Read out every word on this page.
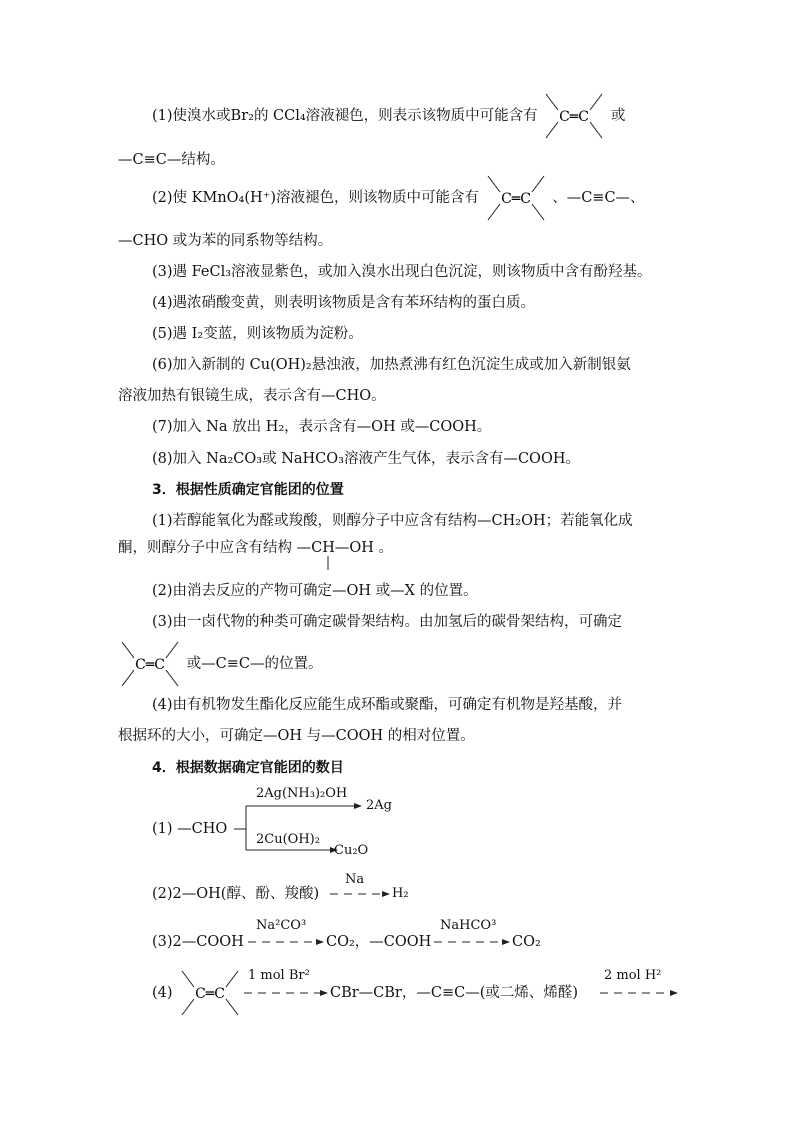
(1)使溴水或Br₂的 CCl₄溶液褪色，则表示该物质中可能含有 C═C 或
—C≡C—结构。
(2)使 KMnO₄(H⁺)溶液褪色，则该物质中可能含有 C═C 、—C≡C—、
—CHO 或为苯的同系物等结构。
(3)遇 FeCl₃溶液显紫色，或加入溴水出现白色沉淀，则该物质中含有酚羟基。
(4)遇浓硝酸变黄，则表明该物质是含有苯环结构的蛋白质。
(5)遇 I₂变蓝，则该物质为淀粉。
(6)加入新制的 Cu(OH)₂悬浊液，加热煮沸有红色沉淀生成或加入新制银氨
溶液加热有银镜生成，表示含有—CHO。
(7)加入 Na 放出 H₂，表示含有—OH 或—COOH。
(8)加入 Na₂CO₃或 NaHCO₃溶液产生气体，表示含有—COOH。
3．根据性质确定官能团的位置
(1)若醇能氧化为醛或羧酸，则醇分子中应含有结构—CH₂OH；若能氧化成
酮，则醇分子中应含有结构 —CH—OH 。
(2)由消去反应的产物可确定—OH 或—X 的位置。
(3)由一卤代物的种类可确定碳骨架结构。由加氢后的碳骨架结构，可确定
C═C 或—C≡C—的位置。
(4)由有机物发生酯化反应能生成环酯或聚酯，可确定有机物是羟基酸，并
根据环的大小，可确定—OH 与—COOH 的相对位置。
4．根据数据确定官能团的数目
(1) —CHO
2Ag(NH₃)₂OH
2Ag
2Cu(OH)₂
Cu₂O
(2)2—OH(醇、酚、羧酸)
Na
→ H₂
(3)2—COOH
Na²CO³
CO₂，—COOH
NaHCO³
CO₂
(4) C═C
1 mol Br²
CBr—CBr，—C≡C—(或二烯、烯醛)
2 mol H²
